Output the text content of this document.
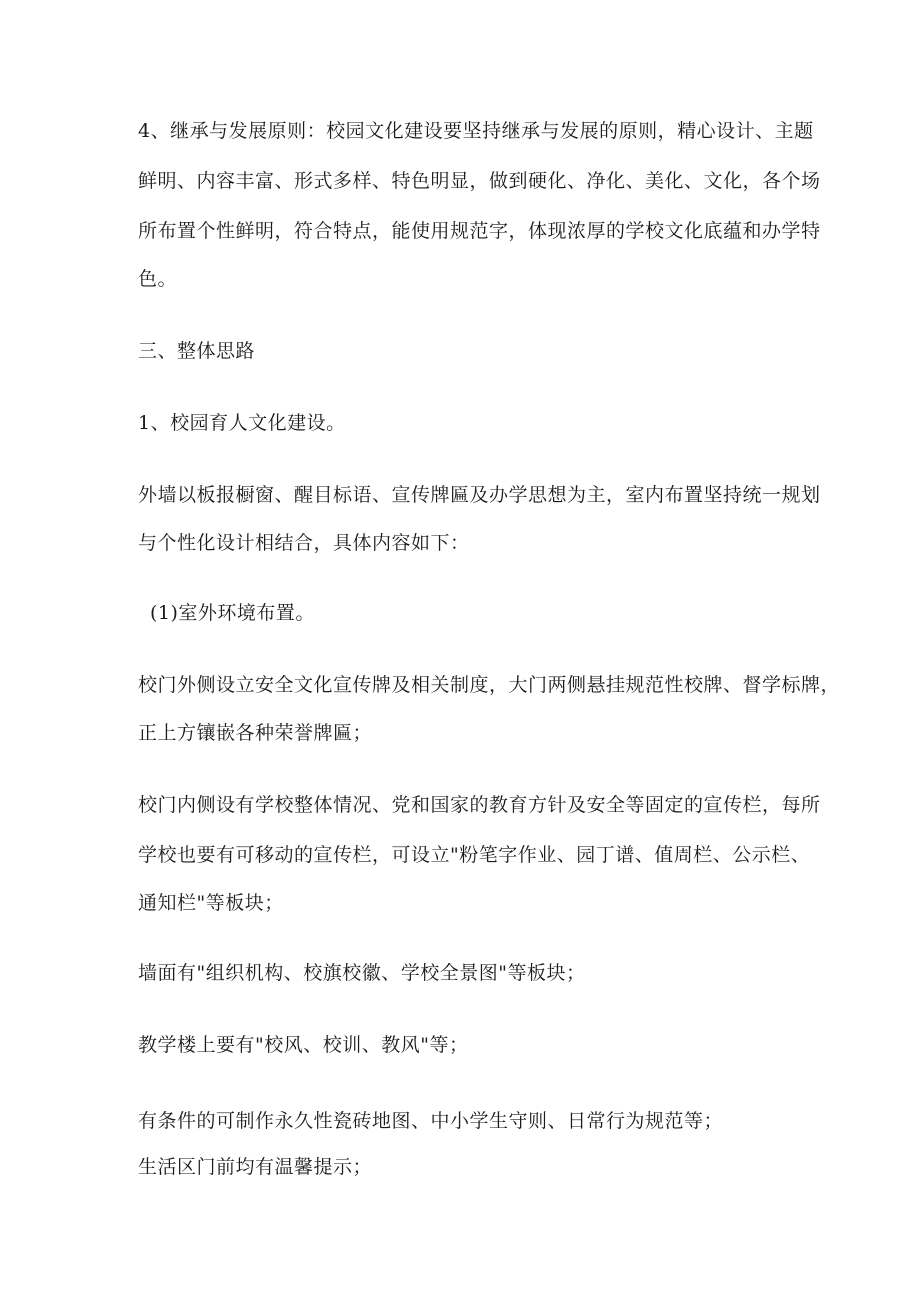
4、继承与发展原则：校园文化建设要坚持继承与发展的原则，精心设计、主题
鲜明、内容丰富、形式多样、特色明显，做到硬化、净化、美化、文化，各个场
所布置个性鲜明，符合特点，能使用规范字，体现浓厚的学校文化底蕴和办学特
色。
三、整体思路
1、校园育人文化建设。
外墙以板报橱窗、醒目标语、宣传牌匾及办学思想为主，室内布置坚持统一规划
与个性化设计相结合，具体内容如下：
(1)室外环境布置。
校门外侧设立安全文化宣传牌及相关制度，大门两侧悬挂规范性校牌、督学标牌，
正上方镶嵌各种荣誉牌匾；
校门内侧设有学校整体情况、党和国家的教育方针及安全等固定的宣传栏，每所
学校也要有可移动的宣传栏，可设立"粉笔字作业、园丁谱、值周栏、公示栏、
通知栏"等板块；
墙面有"组织机构、校旗校徽、学校全景图"等板块；
教学楼上要有"校风、校训、教风"等；
有条件的可制作永久性瓷砖地图、中小学生守则、日常行为规范等；
生活区门前均有温馨提示；
